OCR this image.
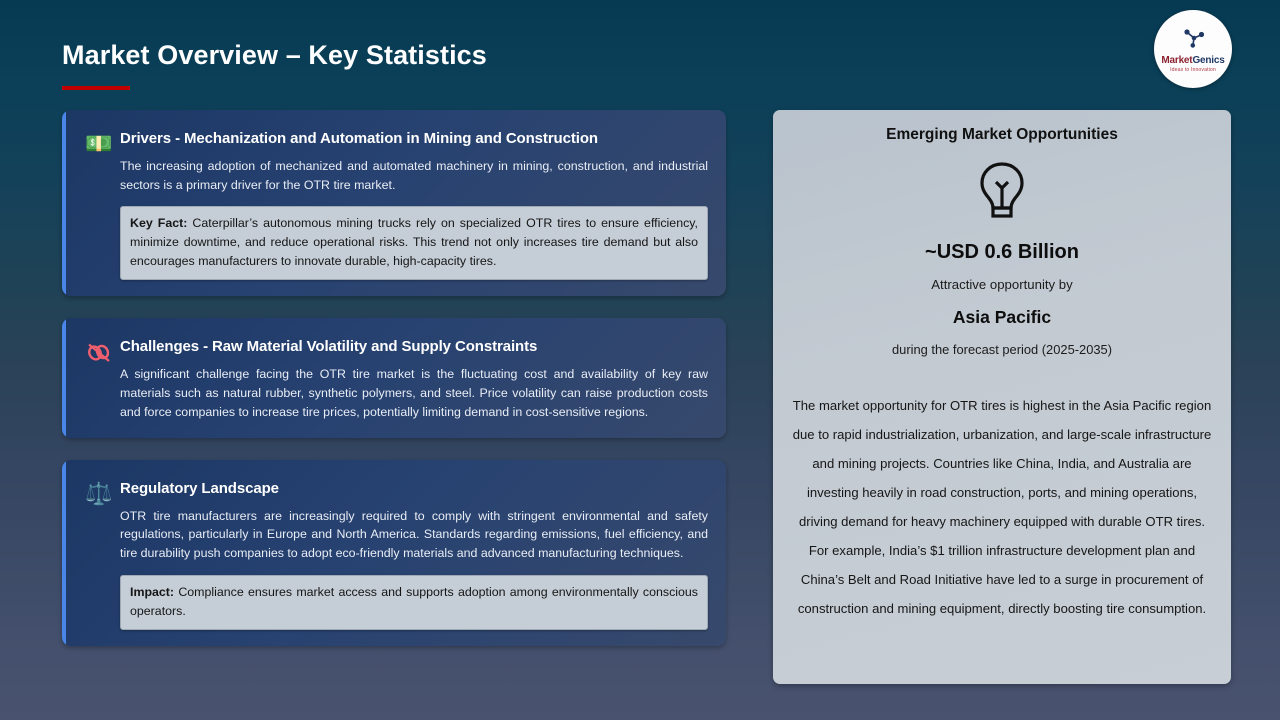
Market Overview – Key Statistics	MarketGenics
Ideas to Innovation
💵 Drivers - Mechanization and Automation in Mining and Construction

The increasing adoption of mechanized and automated machinery in mining, construction, and industrial sectors is a primary driver for the OTR tire market.

Key Fact: Caterpillar’s autonomous mining trucks rely on specialized OTR tires to ensure efficiency, minimize downtime, and reduce operational risks. This trend not only increases tire demand but also encourages manufacturers to innovate durable, high-capacity tires.

Challenges - Raw Material Volatility and Supply Constraints

A significant challenge facing the OTR tire market is the fluctuating cost and availability of key raw materials such as natural rubber, synthetic polymers, and steel. Price volatility can raise production costs and force companies to increase tire prices, potentially limiting demand in cost-sensitive regions.

⚖️ Regulatory Landscape

OTR tire manufacturers are increasingly required to comply with stringent environmental and safety regulations, particularly in Europe and North America. Standards regarding emissions, fuel efficiency, and tire durability push companies to adopt eco-friendly materials and advanced manufacturing techniques.

Impact: Compliance ensures market access and supports adoption among environmentally conscious operators.

Emerging Market Opportunities
~USD 0.6 Billion
Attractive opportunity by
Asia Pacific
during the forecast period (2025-2035)

The market opportunity for OTR tires is highest in the Asia Pacific region due to rapid industrialization, urbanization, and large-scale infrastructure and mining projects. Countries like China, India, and Australia are investing heavily in road construction, ports, and mining operations, driving demand for heavy machinery equipped with durable OTR tires. For example, India’s $1 trillion infrastructure development plan and China’s Belt and Road Initiative have led to a surge in procurement of construction and mining equipment, directly boosting tire consumption.
